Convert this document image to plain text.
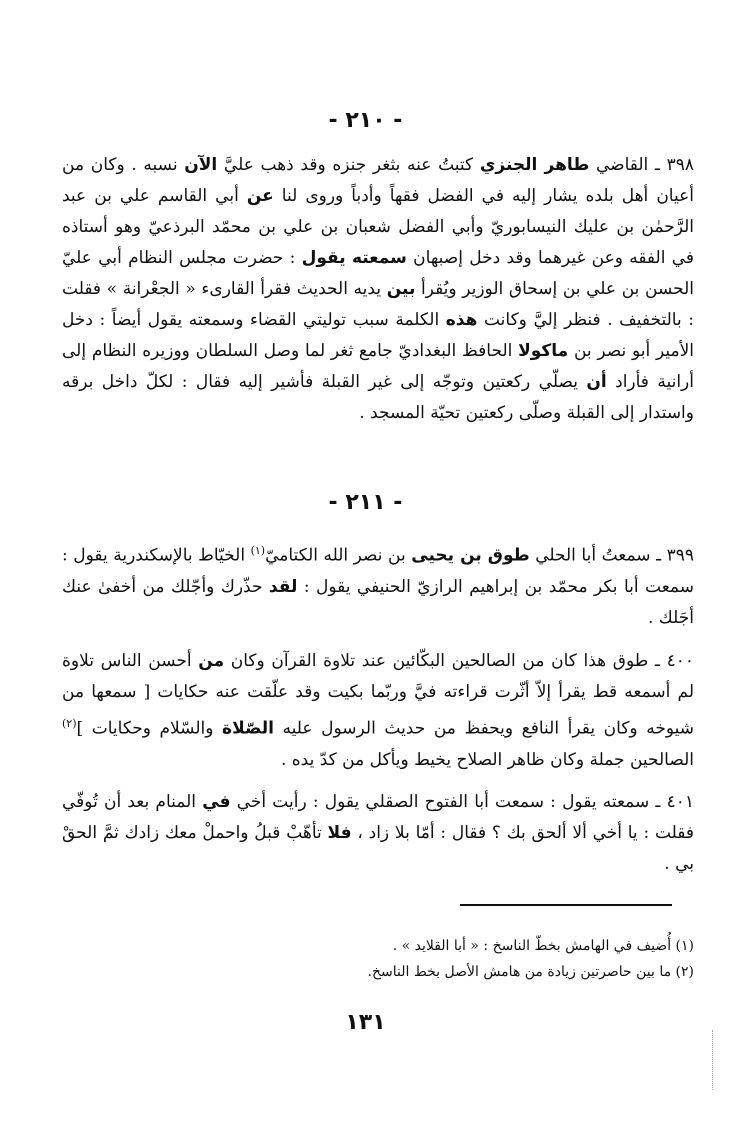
- ٢١٠ -
٣٩٨ ـ القاضي طاهر الجنزي كتبتُ عنه بثغر جنزه وقد ذهب عليَّ الآن نسبه . وكان من أعيان أهل بلده يشار إليه في الفضل فقهاً وأدباً وروى لنا عن أبي القاسم علي بن عبد الرَّحمٰن بن عليك النيسابوريّ وأبي الفضل شعبان بن علي بن محمّد البرذعيّ وهو أستاذه في الفقه وعن غيرهما وقد دخل إصبهان سمعته يقول : حضرت مجلس النظام أبي عليّ الحسن بن علي بن إسحاق الوزير ويُقرأ بين يديه الحديث فقرأ القارىء « الجعْرانة » فقلت : بالتخفيف . فنظر إليَّ وكانت هذه الكلمة سبب توليتي القضاء وسمعته يقول أيضاً : دخل الأمير أبو نصر بن ماكولا الحافظ البغداديّ جامع ثغر لما وصل السلطان ووزيره النظام إلى أرانية فأراد أن يصلّي ركعتين وتوجّه إلى غير القبلة فأشير إليه فقال : لكلّ داخل برقه واستدار إلى القبلة وصلّى ركعتين تحيّة المسجد .
- ٢١١ -
٣٩٩ ـ سمعتُ أبا الحلي طوق بن يحيى بن نصر الله الكتاميّ$^{(١)}$ الخيّاط بالإسكندرية يقول : سمعت أبا بكر محمّد بن إبراهيم الرازيّ الحنيفي يقول : لقد حذّرك وأجّلك من أخفىٰ عنك أجَلك .
٤٠٠ ـ طوق هذا كان من الصالحين البكّائين عند تلاوة القرآن وكان من أحسن الناس تلاوة لم أسمعه قط يقرأ إلاّ أثّرت قراءته فيَّ وربّما بكيت وقد علّقت عنه حكايات [ سمعها من شيوخه وكان يقرأ النافع ويحفظ من حديث الرسول عليه الصّلاة والسّلام وحكايات ]$^{(٢)}$ الصالحين جملة وكان ظاهر الصلاح يخيط ويأكل من كدّ يده .
٤٠١ ـ سمعته يقول : سمعت أبا الفتوح الصقلي يقول : رأيت أخي في المنام بعد أن تُوفّي فقلت : يا أخي ألا ألحق بك ؟ فقال : أمّا بلا زاد ، فلا تأهّبْ قبلُ واحملْ معك زادك ثمَّ الحقْ بي .
(١) أُضيف في الهامش بخطّ الناسخ : « أبا القلايد » .
(٢) ما بين حاصرتين زيادة من هامش الأصل بخط الناسخ.
١٣١
